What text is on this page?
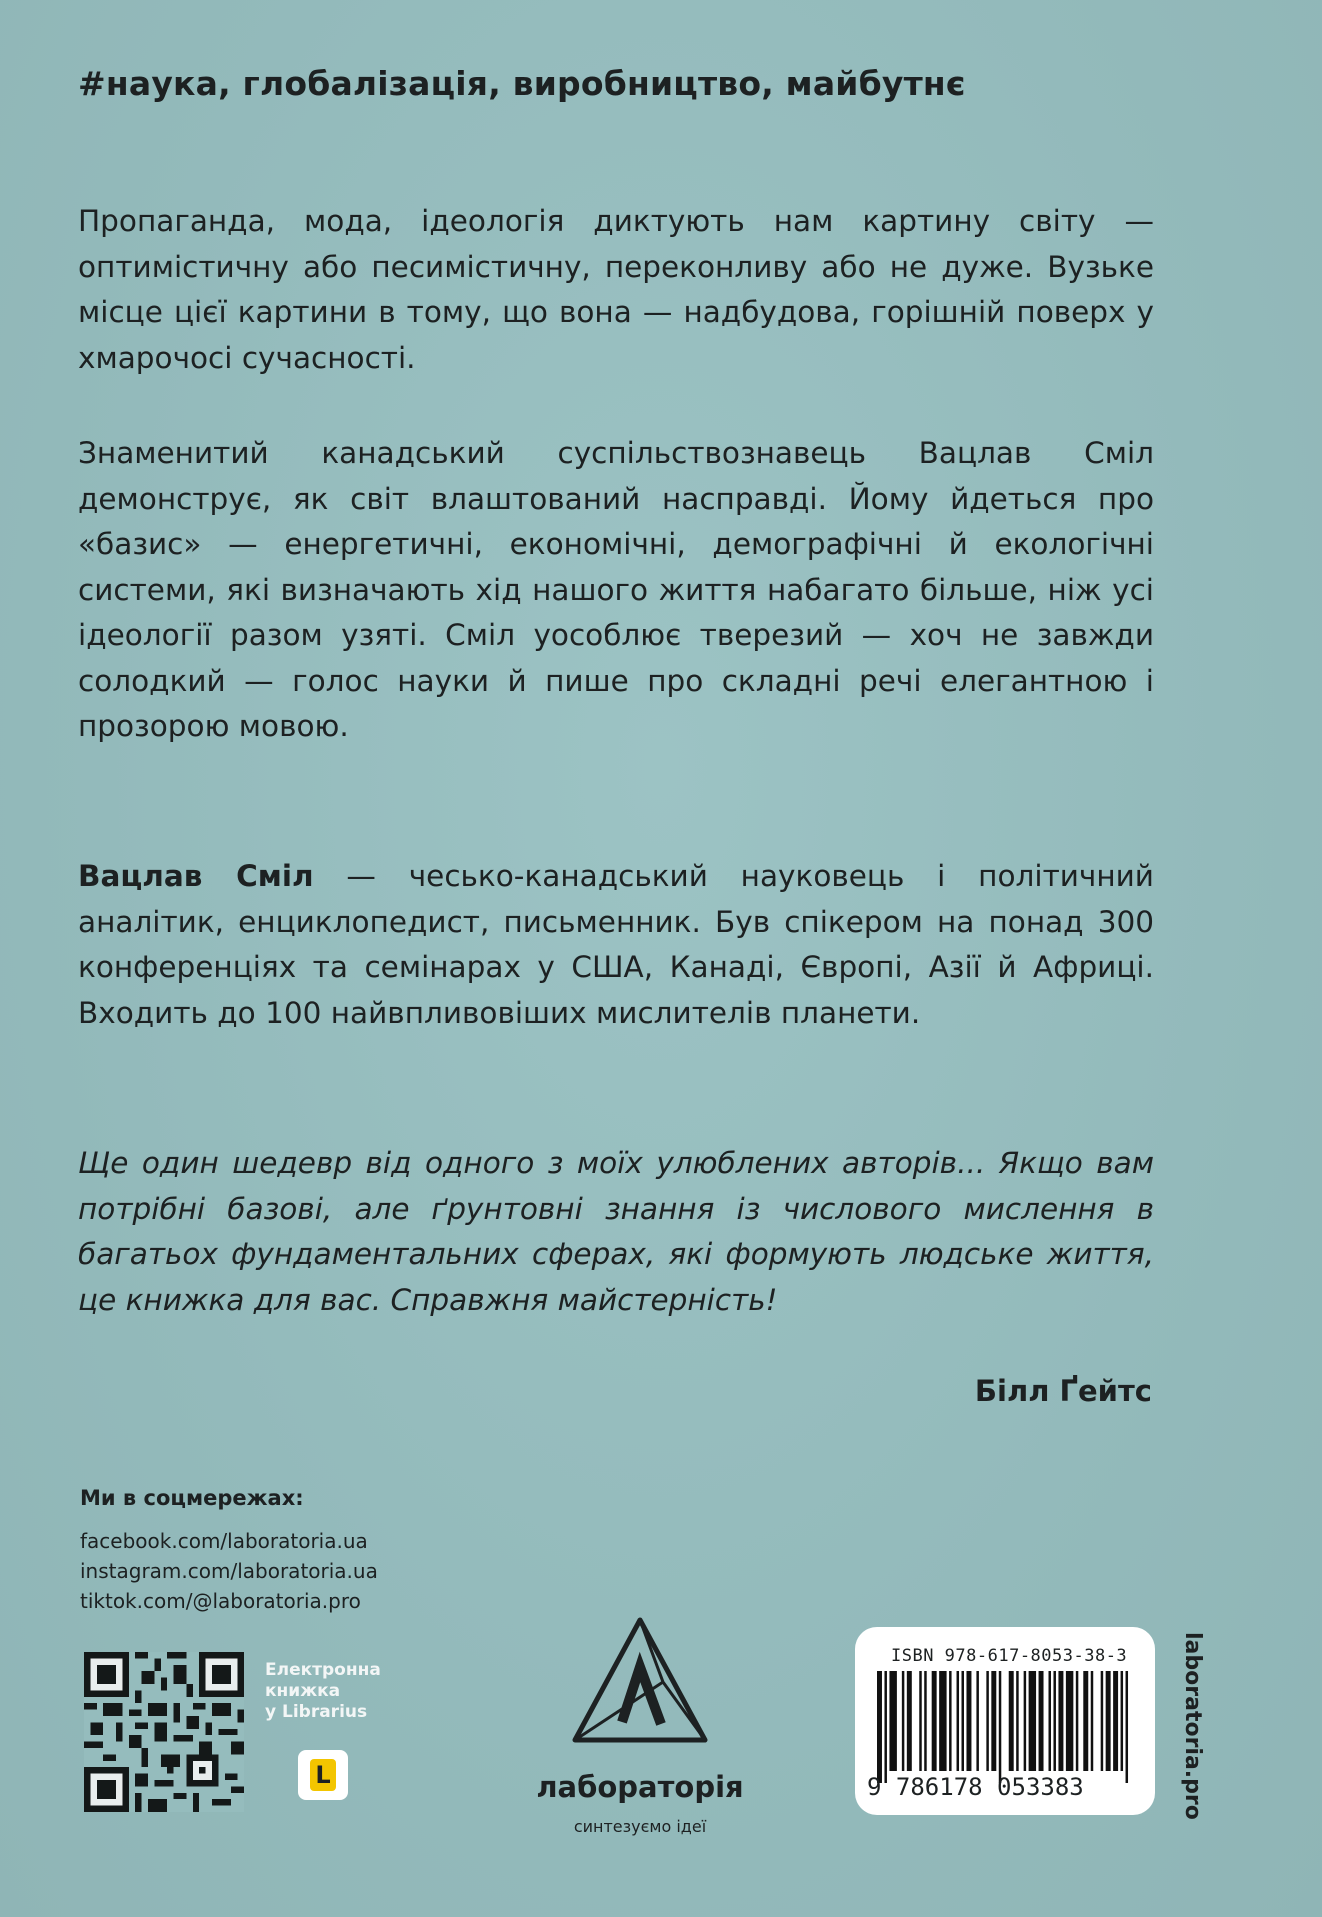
#наука, глобалізація, виробництво, майбутнє
Пропаганда, мода, ідеологія диктують нам картину світу — оптимістичну або песимістичну, переконливу або не дуже. Вузьке місце цієї картини в тому, що вона — надбудова, горішній поверх у хмарочосі сучасності.
Знаменитий канадський суспільствознавець Вацлав Сміл демонструє, як світ влаштований насправді. Йому йдеться про «базис» — енергетичні, економічні, демографічні й екологічні системи, які визначають хід нашого життя набагато більше, ніж усі ідеології разом узяті. Сміл уособлює тверезий — хоч не завжди солодкий — голос науки й пише про складні речі елегантною і прозорою мовою.
Вацлав Сміл — чесько-канадський науковець і політичний аналітик, енциклопедист, письменник. Був спікером на понад 300 конференціях та семінарах у США, Канаді, Європі, Азії й Африці. Входить до 100 найвпливовіших мислителів планети.
Ще один шедевр від одного з моїх улюблених авторів... Якщо вам потрібні базові, але ґрунтовні знання із числового мислення в багатьох фундаментальних сферах, які формують людське життя, це книжка для вас. Справжня майстерність!
Білл Ґейтс
Ми в соцмережах:
facebook.com/laboratoria.ua
instagram.com/laboratoria.ua
tiktok.com/@laboratoria.pro
Електронна
книжка
у Librarius
L	лабораторія
синтезуємо ідеї
ISBN 978-617-8053-38-3
9 786178 053383	laboratoria.pro
